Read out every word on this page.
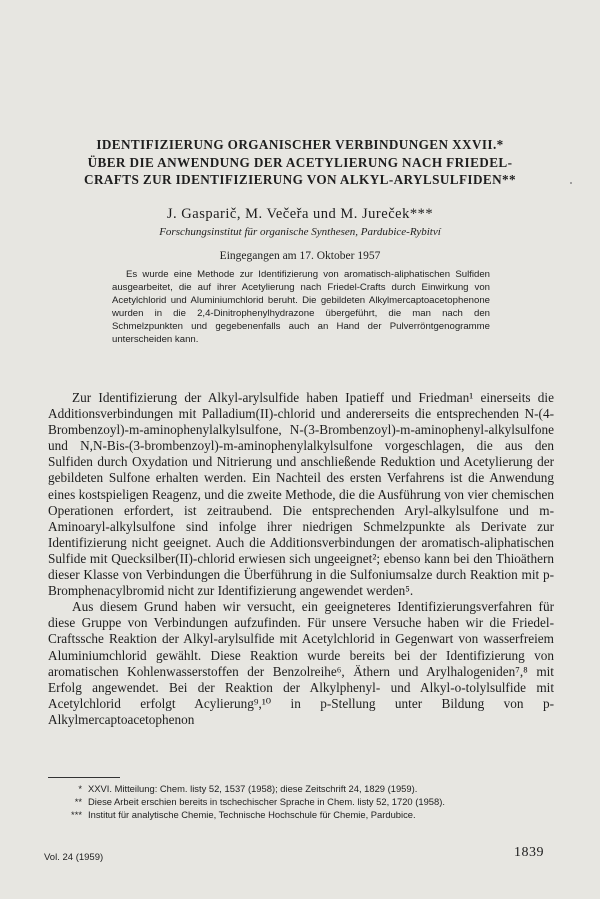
IDENTIFIZIERUNG ORGANISCHER VERBINDUNGEN XXVII.*
ÜBER DIE ANWENDUNG DER ACETYLIERUNG NACH FRIEDEL-
CRAFTS ZUR IDENTIFIZIERUNG VON ALKYL-ARYLSULFIDEN**
J. Gasparič, M. Večeřa und M. Jureček***
Forschungsinstitut für organische Synthesen, Pardubice-Rybitví
Eingegangen am 17. Oktober 1957
Es wurde eine Methode zur Identifizierung von aromatisch-aliphatischen Sulfiden ausgearbeitet, die auf ihrer Acetylierung nach Friedel-Crafts durch Einwirkung von Acetylchlorid und Aluminiumchlorid beruht. Die gebildeten Alkylmercaptoacetophenone wurden in die 2,4-Dinitrophenylhydrazone übergeführt, die man nach den Schmelzpunkten und gegebenenfalls auch an Hand der Pulverröntgenogramme unterscheiden kann.

Zur Identifizierung der Alkyl-arylsulfide haben Ipatieff und Friedman¹ einerseits die Additionsverbindungen mit Palladium(II)-chlorid und andererseits die entsprechenden N-(4-Brombenzoyl)-m-aminophenylalkylsulfone, N-(3-Brombenzoyl)-m-aminophenyl-alkylsulfone und N,N-Bis-(3-brombenzoyl)-m-aminophenylalkylsulfone vorgeschlagen, die aus den Sulfiden durch Oxydation und Nitrierung und anschließende Reduktion und Acetylierung der gebildeten Sulfone erhalten werden. Ein Nachteil des ersten Verfahrens ist die Anwendung eines kostspieligen Reagenz, und die zweite Methode, die die Ausführung von vier chemischen Operationen erfordert, ist zeitraubend. Die entsprechenden Aryl-alkylsulfone und m-Aminoaryl-alkylsulfone sind infolge ihrer niedrigen Schmelzpunkte als Derivate zur Identifizierung nicht geeignet. Auch die Additionsverbindungen der aromatisch-aliphatischen Sulfide mit Quecksilber(II)-chlorid erwiesen sich ungeeignet²; ebenso kann bei den Thioäthern dieser Klasse von Verbindungen die Überführung in die Sulfoniumsalze durch Reaktion mit p-Bromphenacylbromid nicht zur Identifizierung angewendet werden⁵.

Aus diesem Grund haben wir versucht, ein geeigneteres Identifizierungsverfahren für diese Gruppe von Verbindungen aufzufinden. Für unsere Versuche haben wir die Friedel-Craftssche Reaktion der Alkyl-arylsulfide mit Acetylchlorid in Gegenwart von wasserfreiem Aluminiumchlorid gewählt. Diese Reaktion wurde bereits bei der Identifizierung von aromatischen Kohlenwasserstoffen der Benzolreihe⁶, Äthern und Arylhalogeniden⁷,⁸ mit Erfolg angewendet. Bei der Reaktion der Alkylphenyl- und Alkyl-o-tolylsulfide mit Acetylchlorid erfolgt Acylierung⁹,¹⁰ in p-Stellung unter Bildung von p-Alkylmercaptoacetophenon

* XXVI. Mitteilung: Chem. listy 52, 1537 (1958); diese Zeitschrift 24, 1829 (1959).
** Diese Arbeit erschien bereits in tschechischer Sprache in Chem. listy 52, 1720 (1958).
*** Institut für analytische Chemie, Technische Hochschule für Chemie, Pardubice.
Vol. 24 (1959)	1839
